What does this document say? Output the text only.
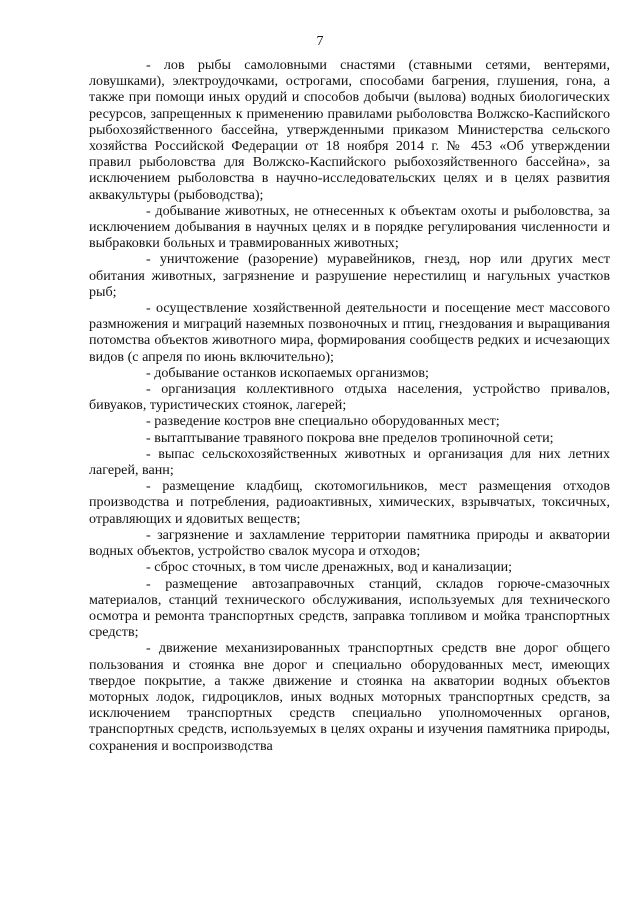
7

- лов рыбы самоловными снастями (ставными сетями, вентерями, ловушками), электроудочками, острогами, способами багрения, глушения, гона, а также при помощи иных орудий и способов добычи (вылова) водных биологических ресурсов, запрещенных к применению правилами рыболовства Волжско-Каспийского рыбохозяйственного бассейна, утвержденными приказом Министерства сельского хозяйства Российской Федерации от 18 ноября 2014 г. № 453 «Об утверждении правил рыболовства для Волжско-Каспийского рыбохозяйственного бассейна», за исключением рыболовства в научно-исследовательских целях и в целях развития аквакультуры (рыбоводства);

- добывание животных, не отнесенных к объектам охоты и рыболовства, за исключением добывания в научных целях и в порядке регулирования численности и выбраковки больных и травмированных животных;

- уничтожение (разорение) муравейников, гнезд, нор или других мест обитания животных, загрязнение и разрушение нерестилищ и нагульных участков рыб;

- осуществление хозяйственной деятельности и посещение мест массового размножения и миграций наземных позвоночных и птиц, гнездования и выращивания потомства объектов животного мира, формирования сообществ редких и исчезающих видов (с апреля по июнь включительно);

- добывание останков ископаемых организмов;

- организация коллективного отдыха населения, устройство привалов, бивуаков, туристических стоянок, лагерей;

- разведение костров вне специально оборудованных мест;

- вытаптывание травяного покрова вне пределов тропиночной сети;

- выпас сельскохозяйственных животных и организация для них летних лагерей, ванн;

- размещение кладбищ, скотомогильников, мест размещения отходов производства и потребления, радиоактивных, химических, взрывчатых, токсичных, отравляющих и ядовитых веществ;

- загрязнение и захламление территории памятника природы и акватории водных объектов, устройство свалок мусора и отходов;

- сброс сточных, в том числе дренажных, вод и канализации;

- размещение автозаправочных станций, складов горюче-смазочных материалов, станций технического обслуживания, используемых для технического осмотра и ремонта транспортных средств, заправка топливом и мойка транспортных средств;

- движение механизированных транспортных средств вне дорог общего пользования и стоянка вне дорог и специально оборудованных мест, имеющих твердое покрытие, а также движение и стоянка на акватории водных объектов моторных лодок, гидроциклов, иных водных моторных транспортных средств, за исключением транспортных средств специально уполномоченных органов, транспортных средств, используемых в целях охраны и изучения памятника природы, сохранения и воспроизводства
